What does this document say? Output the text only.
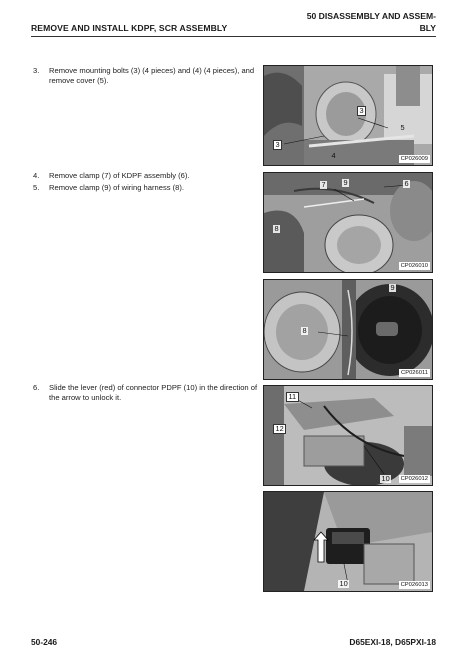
REMOVE AND INSTALL KDPF, SCR ASSEMBLY
50 DISASSEMBLY AND ASSEM-
BLY
3. Remove mounting bolts (3) (4 pieces) and (4) (4 pieces), and remove cover (5).
4. Remove clamp (7) of KDPF assembly (6).
5. Remove clamp (9) of wiring harness (8).
6. Slide the lever (red) of connector PDPF (10) in the direction of the arrow to unlock it.
3
5
3
4	CP026009
9	6
8
7
CP026010
9
8
CP026011
11
12
10	CP026012
10	CP026013
50-246	D65EXI-18, D65PXI-18
